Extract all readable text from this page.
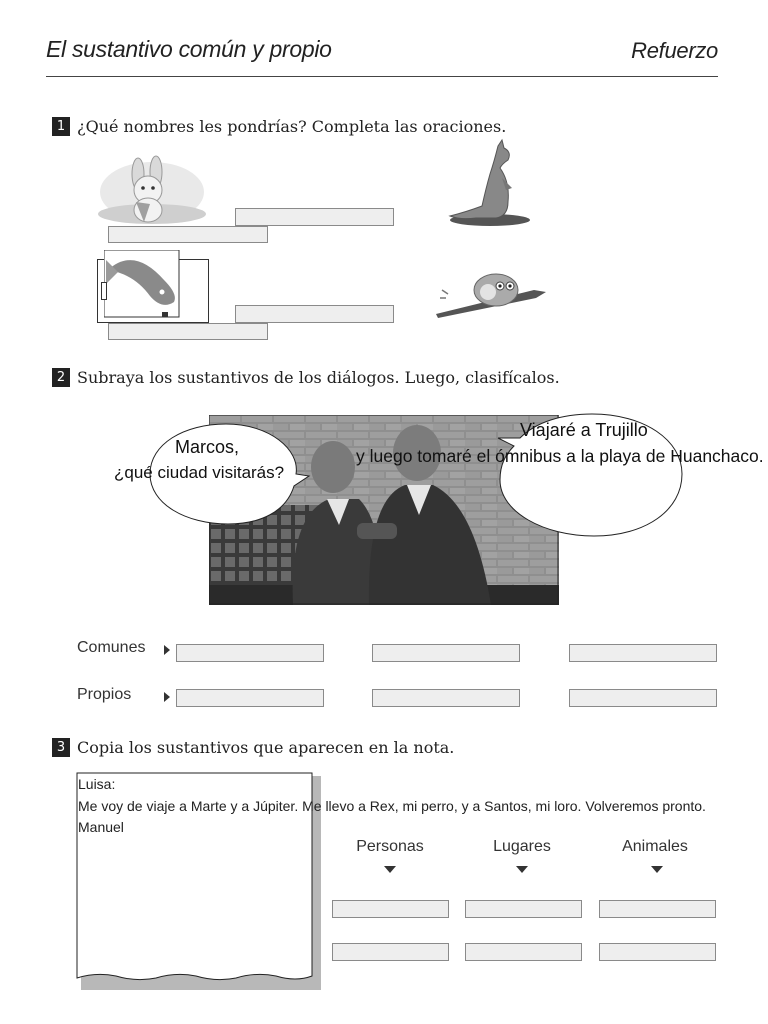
El sustantivo común y propio	Refuerzo
1 ¿Qué nombres les pondrías? Completa las oraciones.
2 Subraya los sustantivos de los diálogos. Luego, clasifícalos.
Marcos,
¿qué ciudad visitarás?
Viajaré a Trujillo
y luego tomaré el ómnibus a la playa de Huanchaco.
Comunes
Propios
3 Copia los sustantivos que aparecen en la nota.
Luisa:
Me voy de viaje a Marte y a Júpiter. Me llevo a Rex, mi perro, y a Santos, mi loro. Volveremos pronto.
Manuel
Personas	Lugares	Animales
